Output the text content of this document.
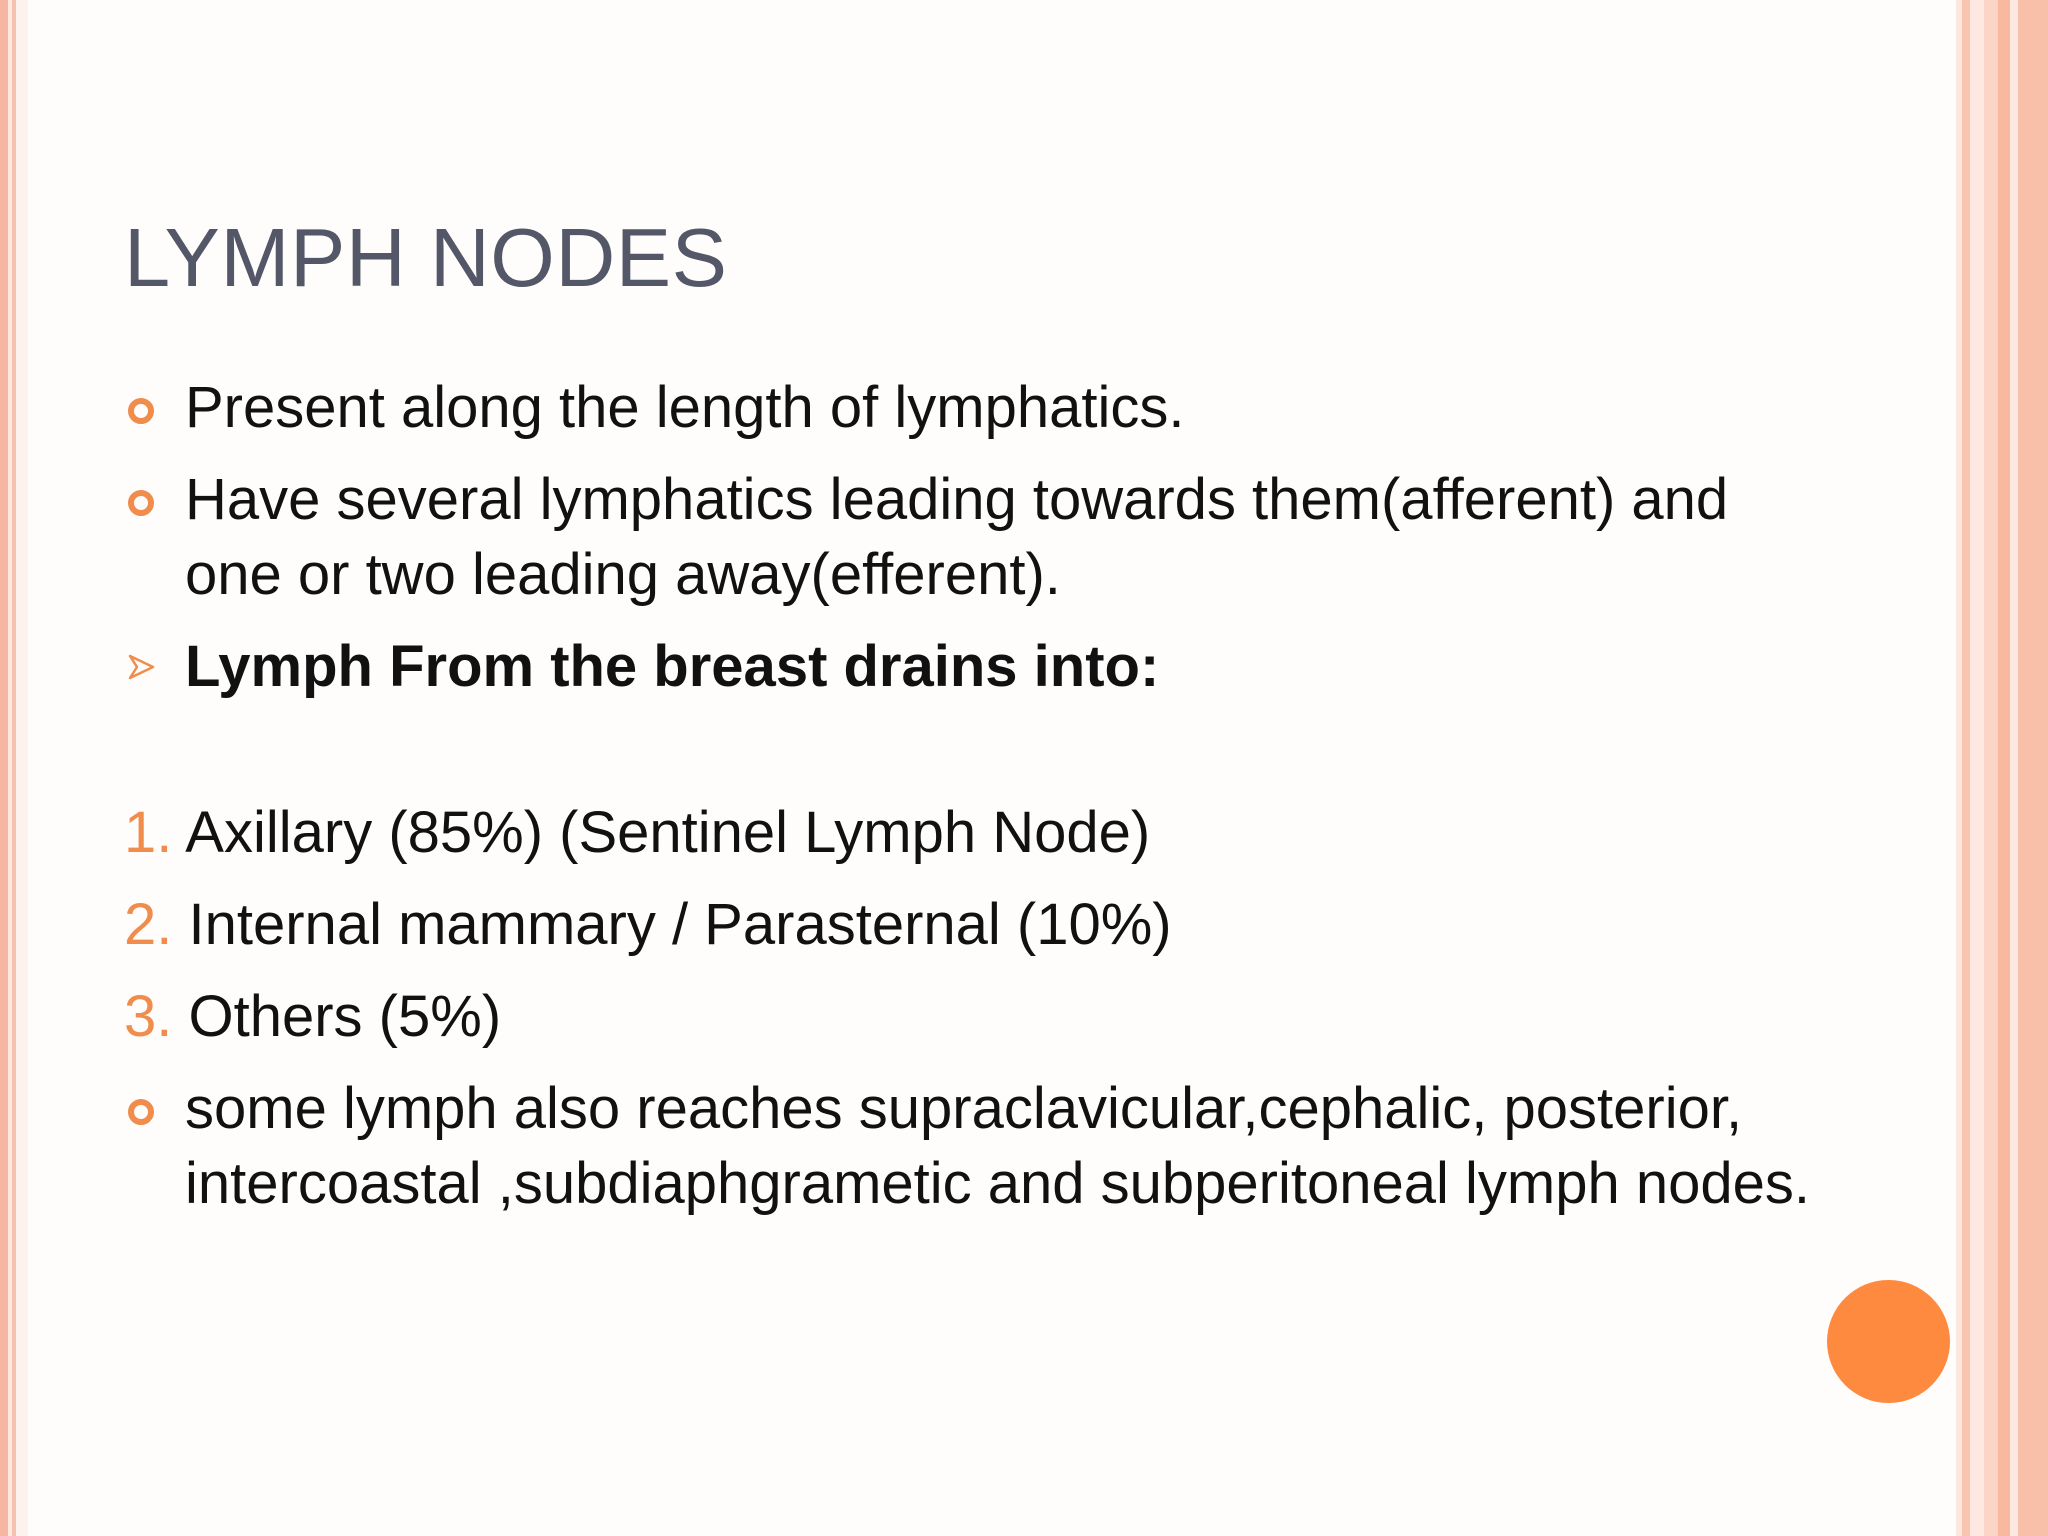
LYMPH NODES
Present along the length of lymphatics.
Have several lymphatics leading towards them(afferent) and one or two leading away(efferent).
Lymph From the breast drains into:
1. Axillary (85%) (Sentinel Lymph Node)
2. Internal mammary / Parasternal (10%)
3. Others (5%)
some lymph also reaches supraclavicular,cephalic, posterior, intercoastal ,subdiaphgrametic and subperitoneal lymph nodes.
